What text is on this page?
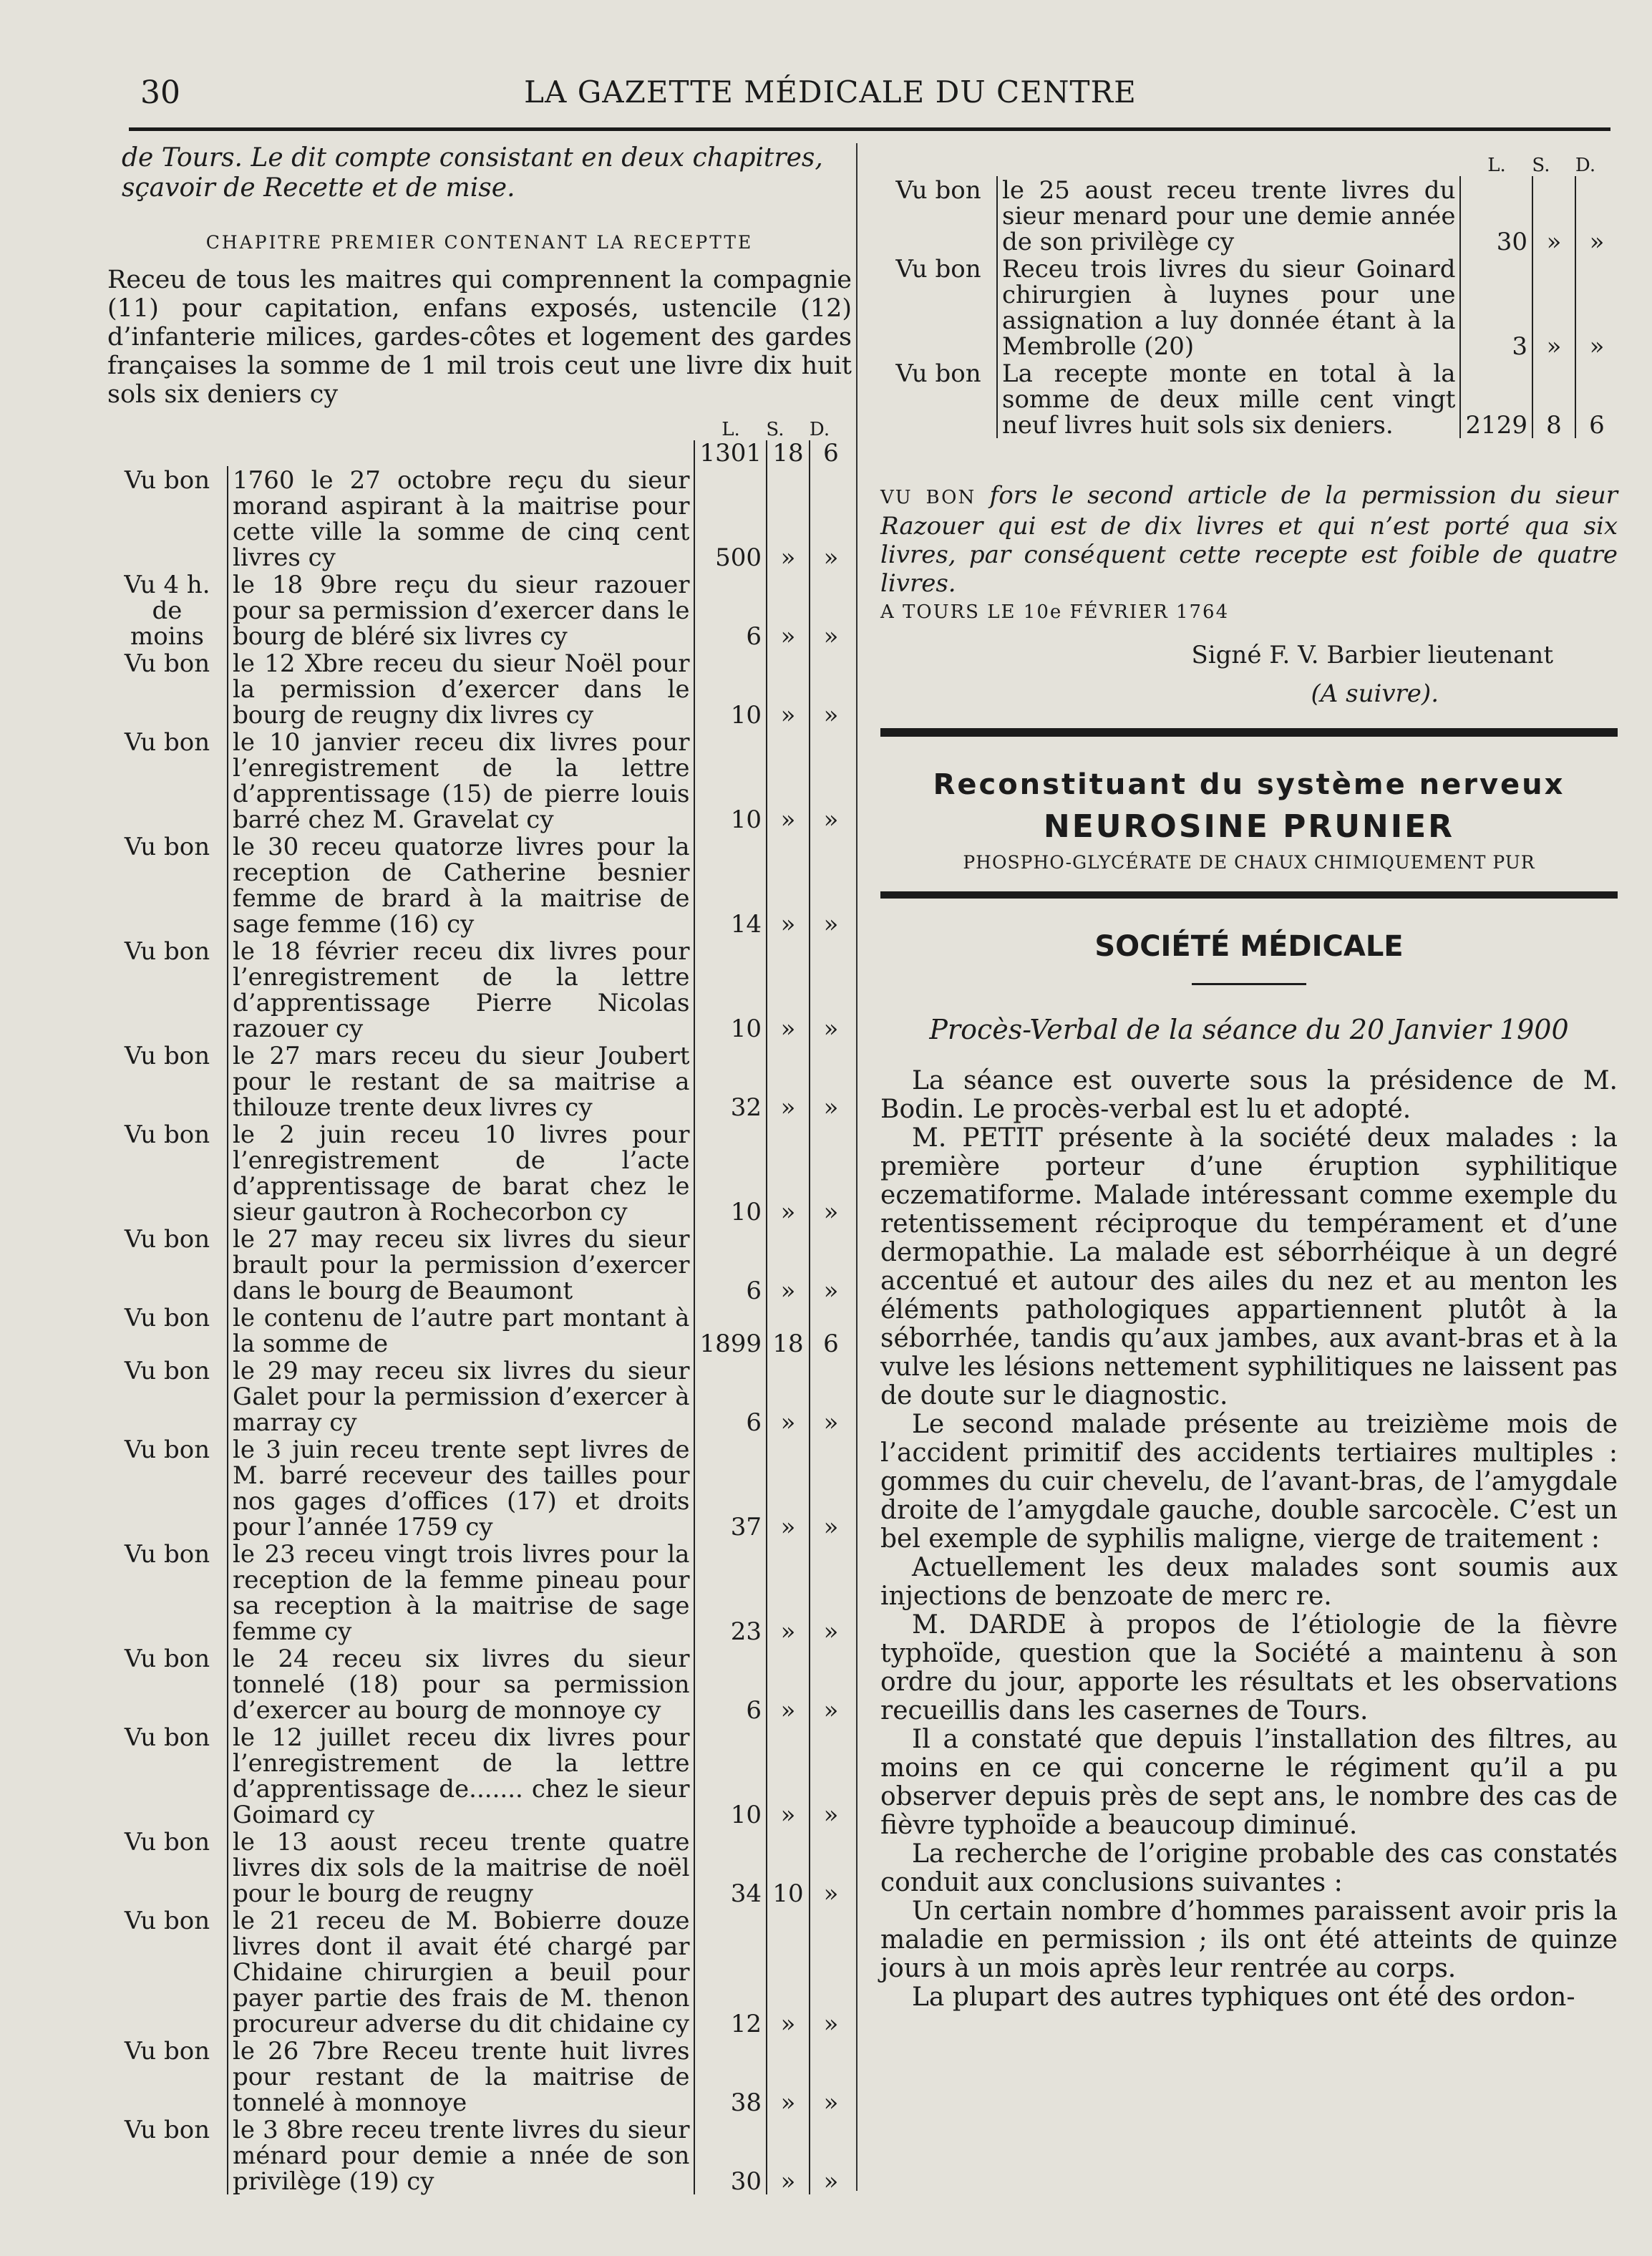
30	LA GAZETTE MÉDICALE DU CENTRE
de Tours. Le dit compte consistant en deux chapitres, sçavoir de Recette et de mise.
CHAPITRE PREMIER CONTENANT LA RECEPTTE
Receu de tous les maitres qui comprennent la compagnie (11) pour capitation, enfans exposés, ustencile (12) d’infanterie milices, gardes-côtes et logement des gardes françaises la somme de 1 mil trois ceut une livre dix huit sols six deniers cy
L.	S.	D.
		1301	18	6
Vu bon	1760 le 27 octobre reçu du sieur morand aspirant à la maitrise pour cette ville la somme de cinq cent livres cy	500	»	»
Vu 4 h. de moins	le 18 9bre reçu du sieur razouer pour sa permission d’exercer dans le bourg de bléré six livres cy	6	»	»
Vu bon	le 12 Xbre receu du sieur Noël pour la permission d’exercer dans le bourg de reugny dix livres cy	10	»	»
Vu bon	le 10 janvier receu dix livres pour l’enregistrement de la lettre d’apprentissage (15) de pierre louis barré chez M. Gravelat cy	10	»	»
Vu bon	le 30 receu quatorze livres pour la reception de Catherine besnier femme de brard à la maitrise de sage femme (16) cy	14	»	»
Vu bon	le 18 février receu dix livres pour l’enregistrement de la lettre d’apprentissage Pierre Nicolas razouer cy	10	»	»
Vu bon	le 27 mars receu du sieur Joubert pour le restant de sa maitrise a thilouze trente deux livres cy	32	»	»
Vu bon	le 2 juin receu 10 livres pour l’enregistrement de l’acte d’apprentissage de barat chez le sieur gautron à Rochecorbon cy	10	»	»
Vu bon	le 27 may receu six livres du sieur brault pour la permission d’exercer dans le bourg de Beaumont	6	»	»
Vu bon	le contenu de l’autre part montant à la somme de	1899	18	6
Vu bon	le 29 may receu six livres du sieur Galet pour la permission d’exercer à marray cy	6	»	»
Vu bon	le 3 juin receu trente sept livres de M. barré receveur des tailles pour nos gages d’offices (17) et droits pour l’année 1759 cy	37	»	»
Vu bon	le 23 receu vingt trois livres pour la reception de la femme pineau pour sa reception à la maitrise de sage femme cy	23	»	»
Vu bon	le 24 receu six livres du sieur tonnelé (18) pour sa permission d’exercer au bourg de monnoye cy	6	»	»
Vu bon	le 12 juillet receu dix livres pour l’enregistrement de la lettre d’apprentissage de....... chez le sieur Goimard cy	10	»	»
Vu bon	le 13 aoust receu trente quatre livres dix sols de la maitrise de noël pour le bourg de reugny	34	10	»
Vu bon	le 21 receu de M. Bobierre douze livres dont il avait été chargé par Chidaine chirurgien a beuil pour payer partie des frais de M. thenon procureur adverse du dit chidaine cy	12	»	»
Vu bon	le 26 7bre Receu trente huit livres pour restant de la maitrise de tonnelé à monnoye	38	»	»
Vu bon	le 3 8bre receu trente livres du sieur ménard pour demie a nnée de son privilège (19) cy	30	»	»
L.	S.	D.
Vu bon	le 25 aoust receu trente livres du sieur menard pour une demie année de son privilège cy	30	»	»
Vu bon	Receu trois livres du sieur Goinard chirurgien à luynes pour une assignation a luy donnée étant à la Membrolle (20)	3	»	»
Vu bon	La recepte monte en total à la somme de deux mille cent vingt neuf livres huit sols six deniers.	2129	8	6
VU BON fors le second article de la permission du sieur Razouer qui est de dix livres et qui n’est porté qua six livres, par conséquent cette recepte est foible de quatre livres.
A TOURS LE 10e FÉVRIER 1764
Signé F. V. Barbier lieutenant
(A suivre).
Reconstituant du système nerveux
NEUROSINE PRUNIER
PHOSPHO-GLYCÉRATE DE CHAUX CHIMIQUEMENT PUR
SOCIÉTÉ MÉDICALE
Procès-Verbal de la séance du 20 Janvier 1900

La séance est ouverte sous la présidence de M. Bodin. Le procès-verbal est lu et adopté.

M. PETIT présente à la société deux malades : la première porteur d’une éruption syphilitique eczematiforme. Malade intéressant comme exemple du retentissement réciproque du tempérament et d’une dermopathie. La malade est séborrhéique à un degré accentué et autour des ailes du nez et au menton les éléments pathologiques appartiennent plutôt à la séborrhée, tandis qu’aux jambes, aux avant-bras et à la vulve les lésions nettement syphilitiques ne laissent pas de doute sur le diagnostic.

Le second malade présente au treizième mois de l’accident primitif des accidents tertiaires multiples : gommes du cuir chevelu, de l’avant-bras, de l’amygdale droite de l’amygdale gauche, double sarcocèle. C’est un bel exemple de syphilis maligne, vierge de traitement :

Actuellement les deux malades sont soumis aux injections de benzoate de merc re.

M. DARDE à propos de l’étiologie de la fièvre typhoïde, question que la Société a maintenu à son ordre du jour, apporte les résultats et les observations recueillis dans les casernes de Tours.

Il a constaté que depuis l’installation des filtres, au moins en ce qui concerne le régiment qu’il a pu observer depuis près de sept ans, le nombre des cas de fièvre typhoïde a beaucoup diminué.

La recherche de l’origine probable des cas constatés conduit aux conclusions suivantes :

Un certain nombre d’hommes paraissent avoir pris la maladie en permission ; ils ont été atteints de quinze jours à un mois après leur rentrée au corps.

La plupart des autres typhiques ont été des ordon-
